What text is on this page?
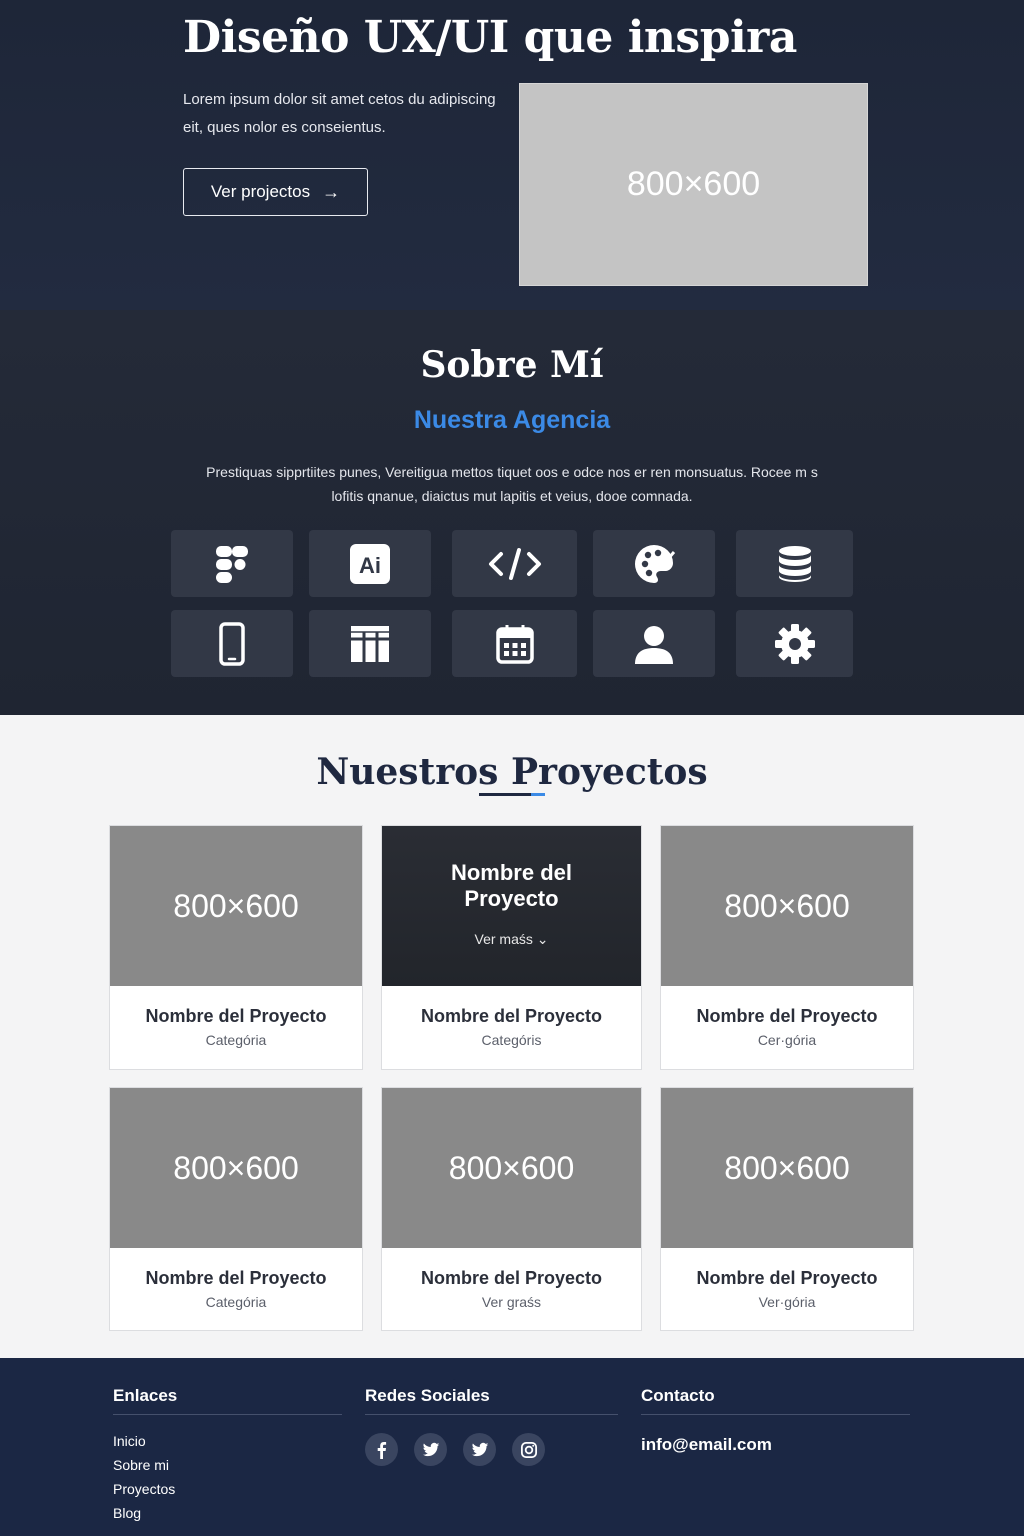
Diseño UX/UI que inspira

Lorem ipsum dolor sit amet cetos du adipiscing eit, ques nolor es conseientus.

Ver projectos →	800×600
Sobre Mí
Nuestra Agencia

Prestiquas sipprtiites punes, Vereitigua mettos tiquet oos e odce nos er ren monsuatus. Rocee m s lofitis qnanue, diaictus mut lapitis et veius, dooe comnada.

Ai
Nuestros Proyectos
800×600
Nombre del Proyecto
Categória
Nombre del Proyecto
Ver maśs ⌄
Nombre del Proyecto
Categóris
800×600
Nombre del Proyecto
Cer·gória
800×600
Nombre del Proyecto
Categória
800×600
Nombre del Proyecto
Ver graśs
800×600
Nombre del Proyecto
Ver·gória
Enlaces
Inicio
Sobre mi
Proyectos
Blog
Redes Sociales	Contacto
info@email.com
